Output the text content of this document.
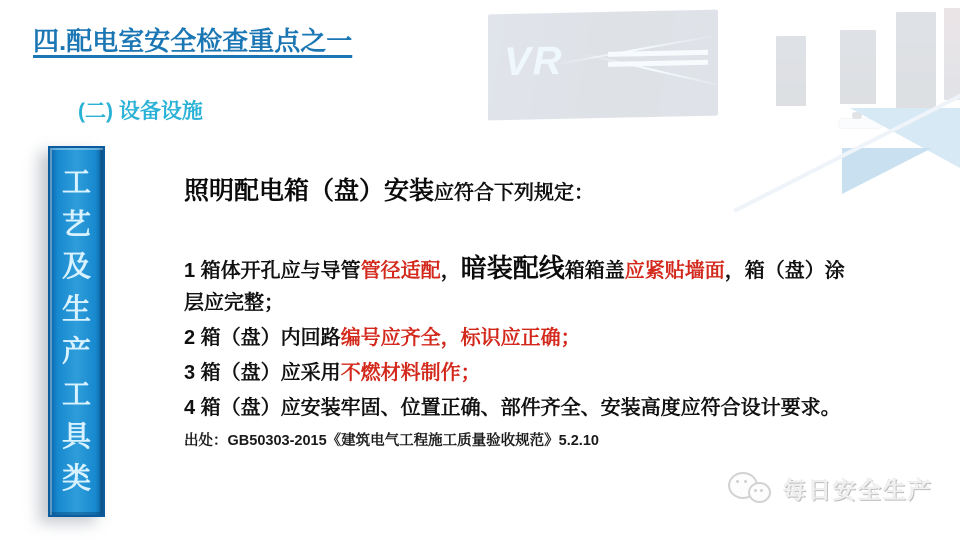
VR
四.配电室安全检查重点之一
(二) 设备设施
工
艺
及
生
产
工
具
类
照明配电箱（盘）安装应符合下列规定：
1 箱体开孔应与导管管径适配，暗装配线箱箱盖应紧贴墙面，箱（盘）涂
层应完整；
2 箱（盘）内回路编号应齐全，标识应正确；
3 箱（盘）应采用不燃材料制作；
4 箱（盘）应安装牢固、位置正确、部件齐全、安装高度应符合设计要求。
出处：GB50303-2015《建筑电气工程施工质量验收规范》5.2.10
每日安全生产
